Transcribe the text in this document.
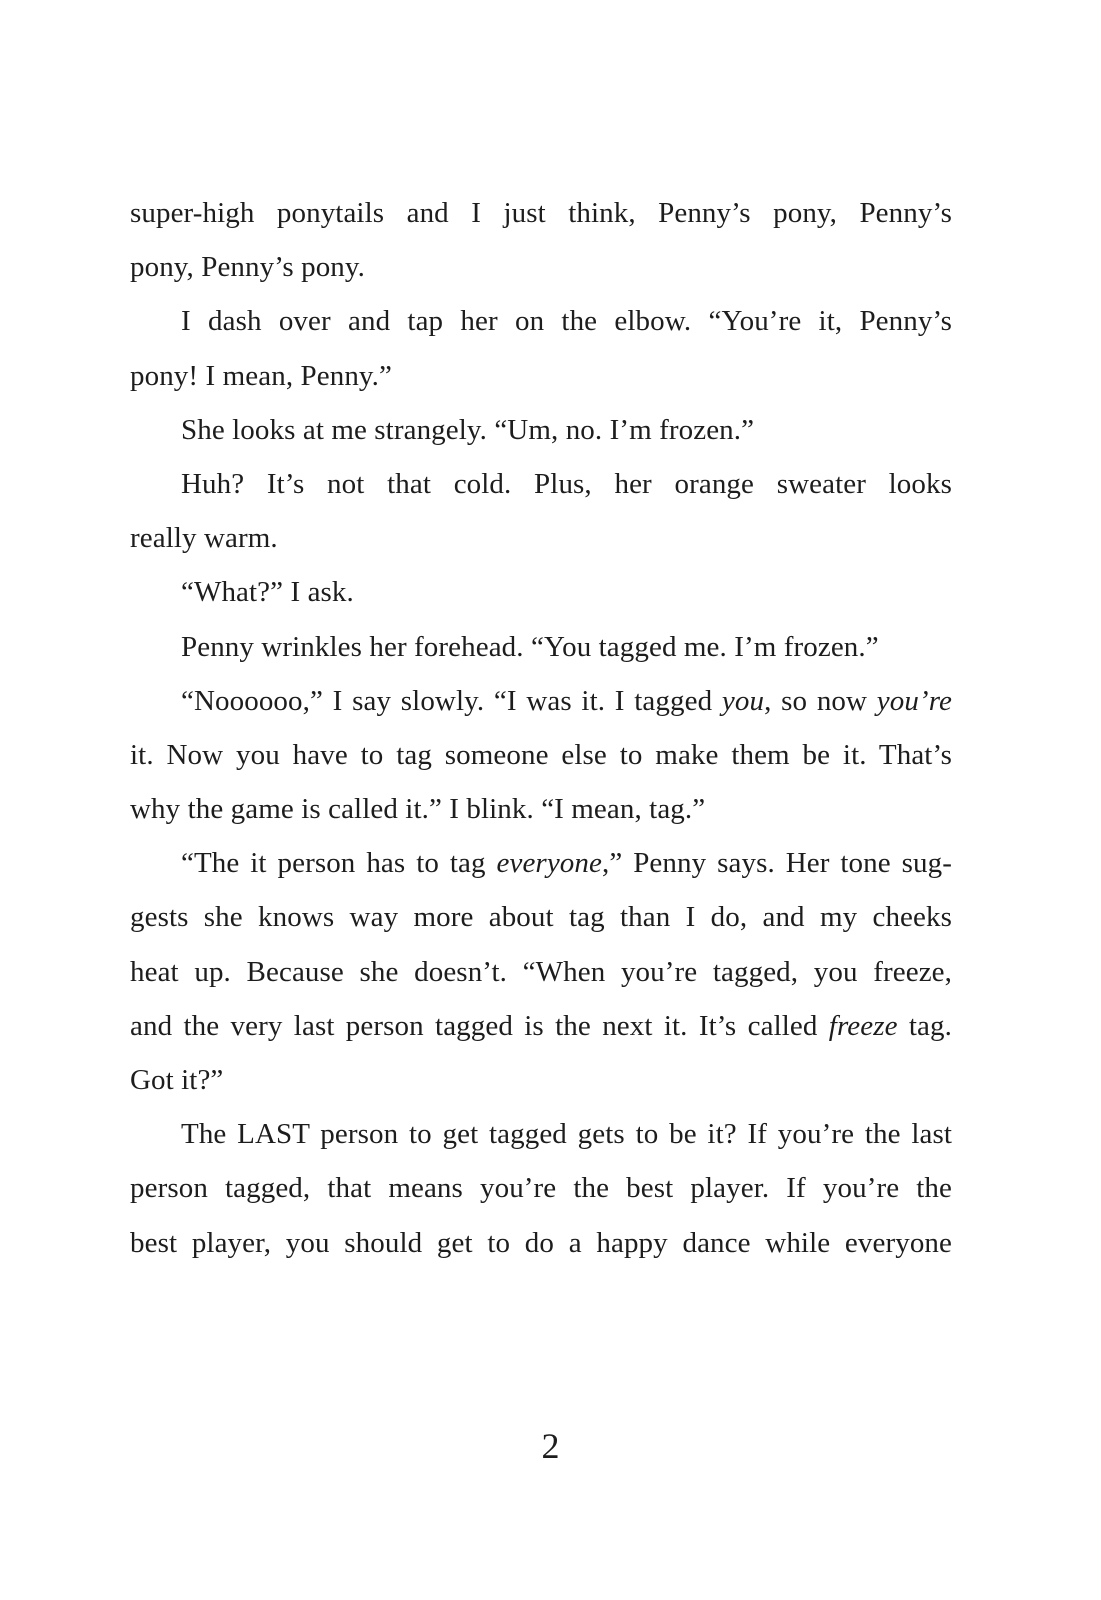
super-high ponytails and I just think, Penny’s pony, Penny’s
pony, Penny’s pony.
I dash over and tap her on the elbow. “You’re it, Penny’s
pony! I mean, Penny.”
She looks at me strangely. “Um, no. I’m frozen.”
Huh? It’s not that cold. Plus, her orange sweater looks
really warm.
“What?” I ask.
Penny wrinkles her forehead. “You tagged me. I’m frozen.”
“Noooooo,” I say slowly. “I was it. I tagged you, so now you’re
it. Now you have to tag someone else to make them be it. That’s
why the game is called it.” I blink. “I mean, tag.”
“The it person has to tag everyone,” Penny says. Her tone sug-
gests she knows way more about tag than I do, and my cheeks
heat up. Because she doesn’t. “When you’re tagged, you freeze,
and the very last person tagged is the next it. It’s called freeze tag.
Got it?”
The LAST person to get tagged gets to be it? If you’re the last
person tagged, that means you’re the best player. If you’re the
best player, you should get to do a happy dance while everyone
2
